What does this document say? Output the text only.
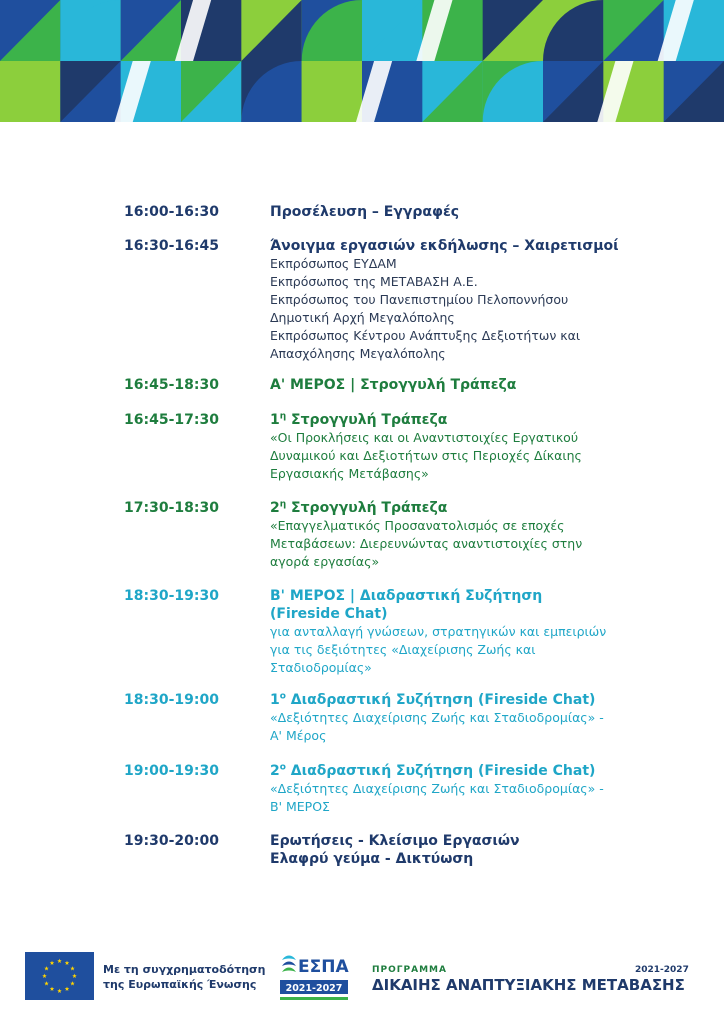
16:00-16:30	Προσέλευση – Εγγραφές
16:30-16:45	Άνοιγμα εργασιών εκδήλωσης – Χαιρετισμοί
Εκπρόσωπος ΕΥΔΑΜ
Εκπρόσωπος της ΜΕΤΑΒΑΣΗ Α.Ε.
Εκπρόσωπος του Πανεπιστημίου Πελοποννήσου
Δημοτική Αρχή Μεγαλόπολης
Εκπρόσωπος Κέντρου Ανάπτυξης Δεξιοτήτων και
Απασχόλησης Μεγαλόπολης
16:45-18:30	Α' ΜΕΡΟΣ | Στρογγυλή Τράπεζα
16:45-17:30	$1^\eta$ Στρογγυλή Τράπεζα
«Οι Προκλήσεις και οι Αναντιστοιχίες Εργατικού
Δυναμικού και Δεξιοτήτων στις Περιοχές Δίκαιης
Εργασιακής Μετάβασης»
17:30-18:30	$2^\eta$ Στρογγυλή Τράπεζα
«Επαγγελματικός Προσανατολισμός σε εποχές
Μεταβάσεων: Διερευνώντας αναντιστοιχίες στην
αγορά εργασίας»
18:30-19:30	Β' ΜΕΡΟΣ | Διαδραστική Συζήτηση
(Fireside Chat)
για ανταλλαγή γνώσεων, στρατηγικών και εμπειριών
για τις δεξιότητες «Διαχείρισης Ζωής και
Σταδιοδρομίας»
18:30-19:00	$1^o$ Διαδραστική Συζήτηση (Fireside Chat)
«Δεξιότητες Διαχείρισης Ζωής και Σταδιοδρομίας» -
Α' Μέρος
19:00-19:30	$2^o$ Διαδραστική Συζήτηση (Fireside Chat)
«Δεξιότητες Διαχείρισης Ζωής και Σταδιοδρομίας» -
Β' ΜΕΡΟΣ
19:30-20:00	Ερωτήσεις - Κλείσιμο Εργασιών
Ελαφρύ γεύμα - Δικτύωση
Με τη συγχρηματοδότηση
της Ευρωπαϊκής Ένωσης
ΕΣΠΑ
2021-2027
ΠΡΟΓΡΑΜΜΑ	2021-2027
ΔΙΚΑΙΗΣ ΑΝΑΠΤΥΞΙΑΚΗΣ ΜΕΤΑΒΑΣΗΣ
